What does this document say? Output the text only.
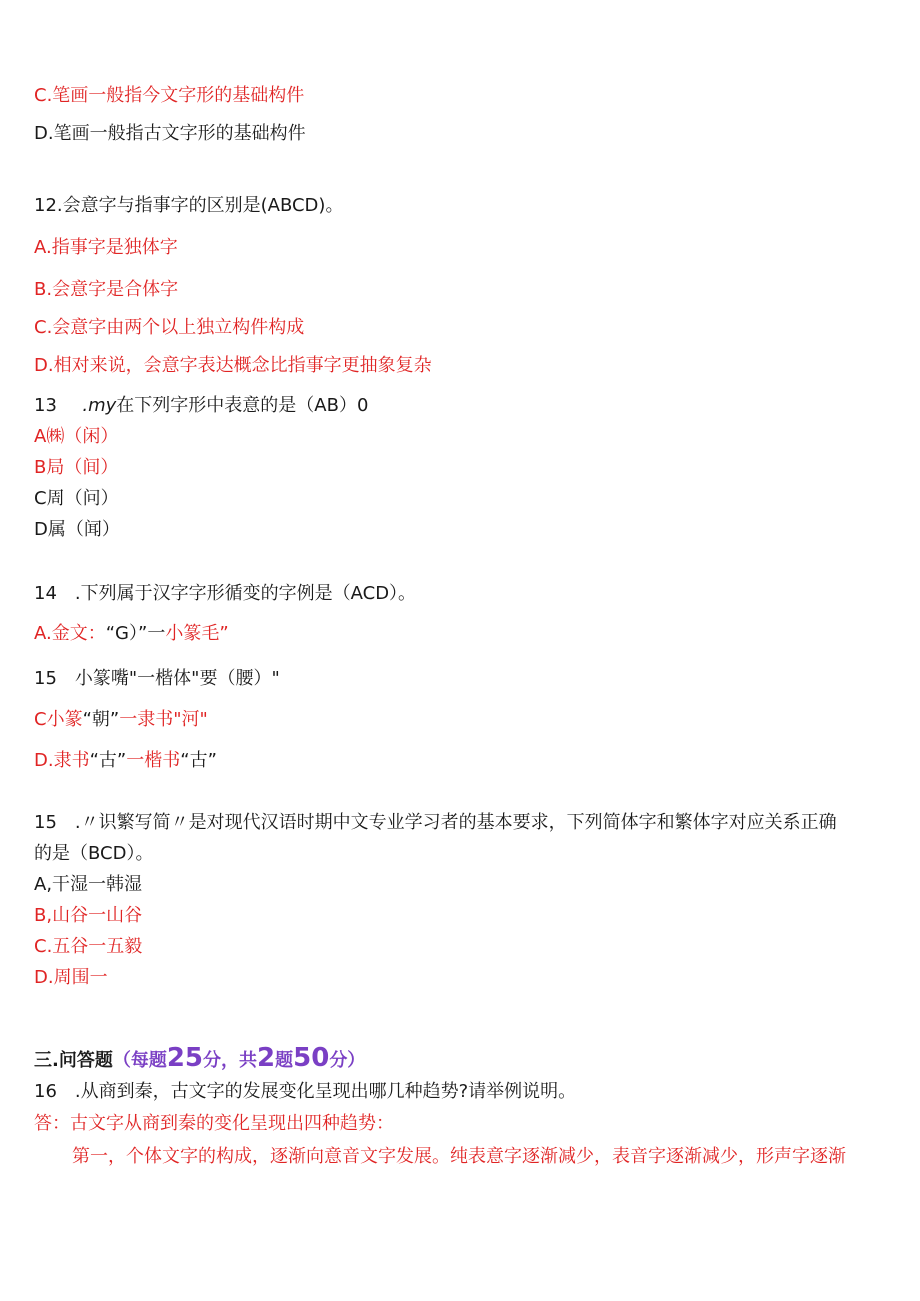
C.笔画一般指今文字形的基础构件
D.笔画一般指古文字形的基础构件
12.会意字与指事字的区别是(ABCD)。
A.指事字是独体字
B.会意字是合体字
C.会意字由两个以上独立构件构成
D.相对来说，会意字表达概念比指事字更抽象复杂
13 .my在下列字形中表意的是（AB）0
A㈱（闲）
B局（间）
C周（问）
D属（闻）
14　.下列属于汉字字形循变的字例是（ACD）。
A.金文：“G）”一小篆毛”
15　小篆嘴"一楷体"要（腰）"
C小篆“朝”一隶书"河"
D.隶书“古”一楷书“古”
15　.〃识繁写简〃是对现代汉语时期中文专业学习者的基本要求，下列简体字和繁体字对应关系正确
的是（BCD）。
A,干湿一韩湿
B,山谷一山谷
C.五谷一五毅
D.周围一
三.问答题（每题25分，共2题50分）
16　.从商到秦，古文字的发展变化呈现出哪几种趋势?请举例说明。
答：古文字从商到秦的变化呈现出四种趋势：
第一，个体文字的构成，逐渐向意音文字发展。纯表意字逐渐减少，表音字逐渐减少，形声字逐渐
